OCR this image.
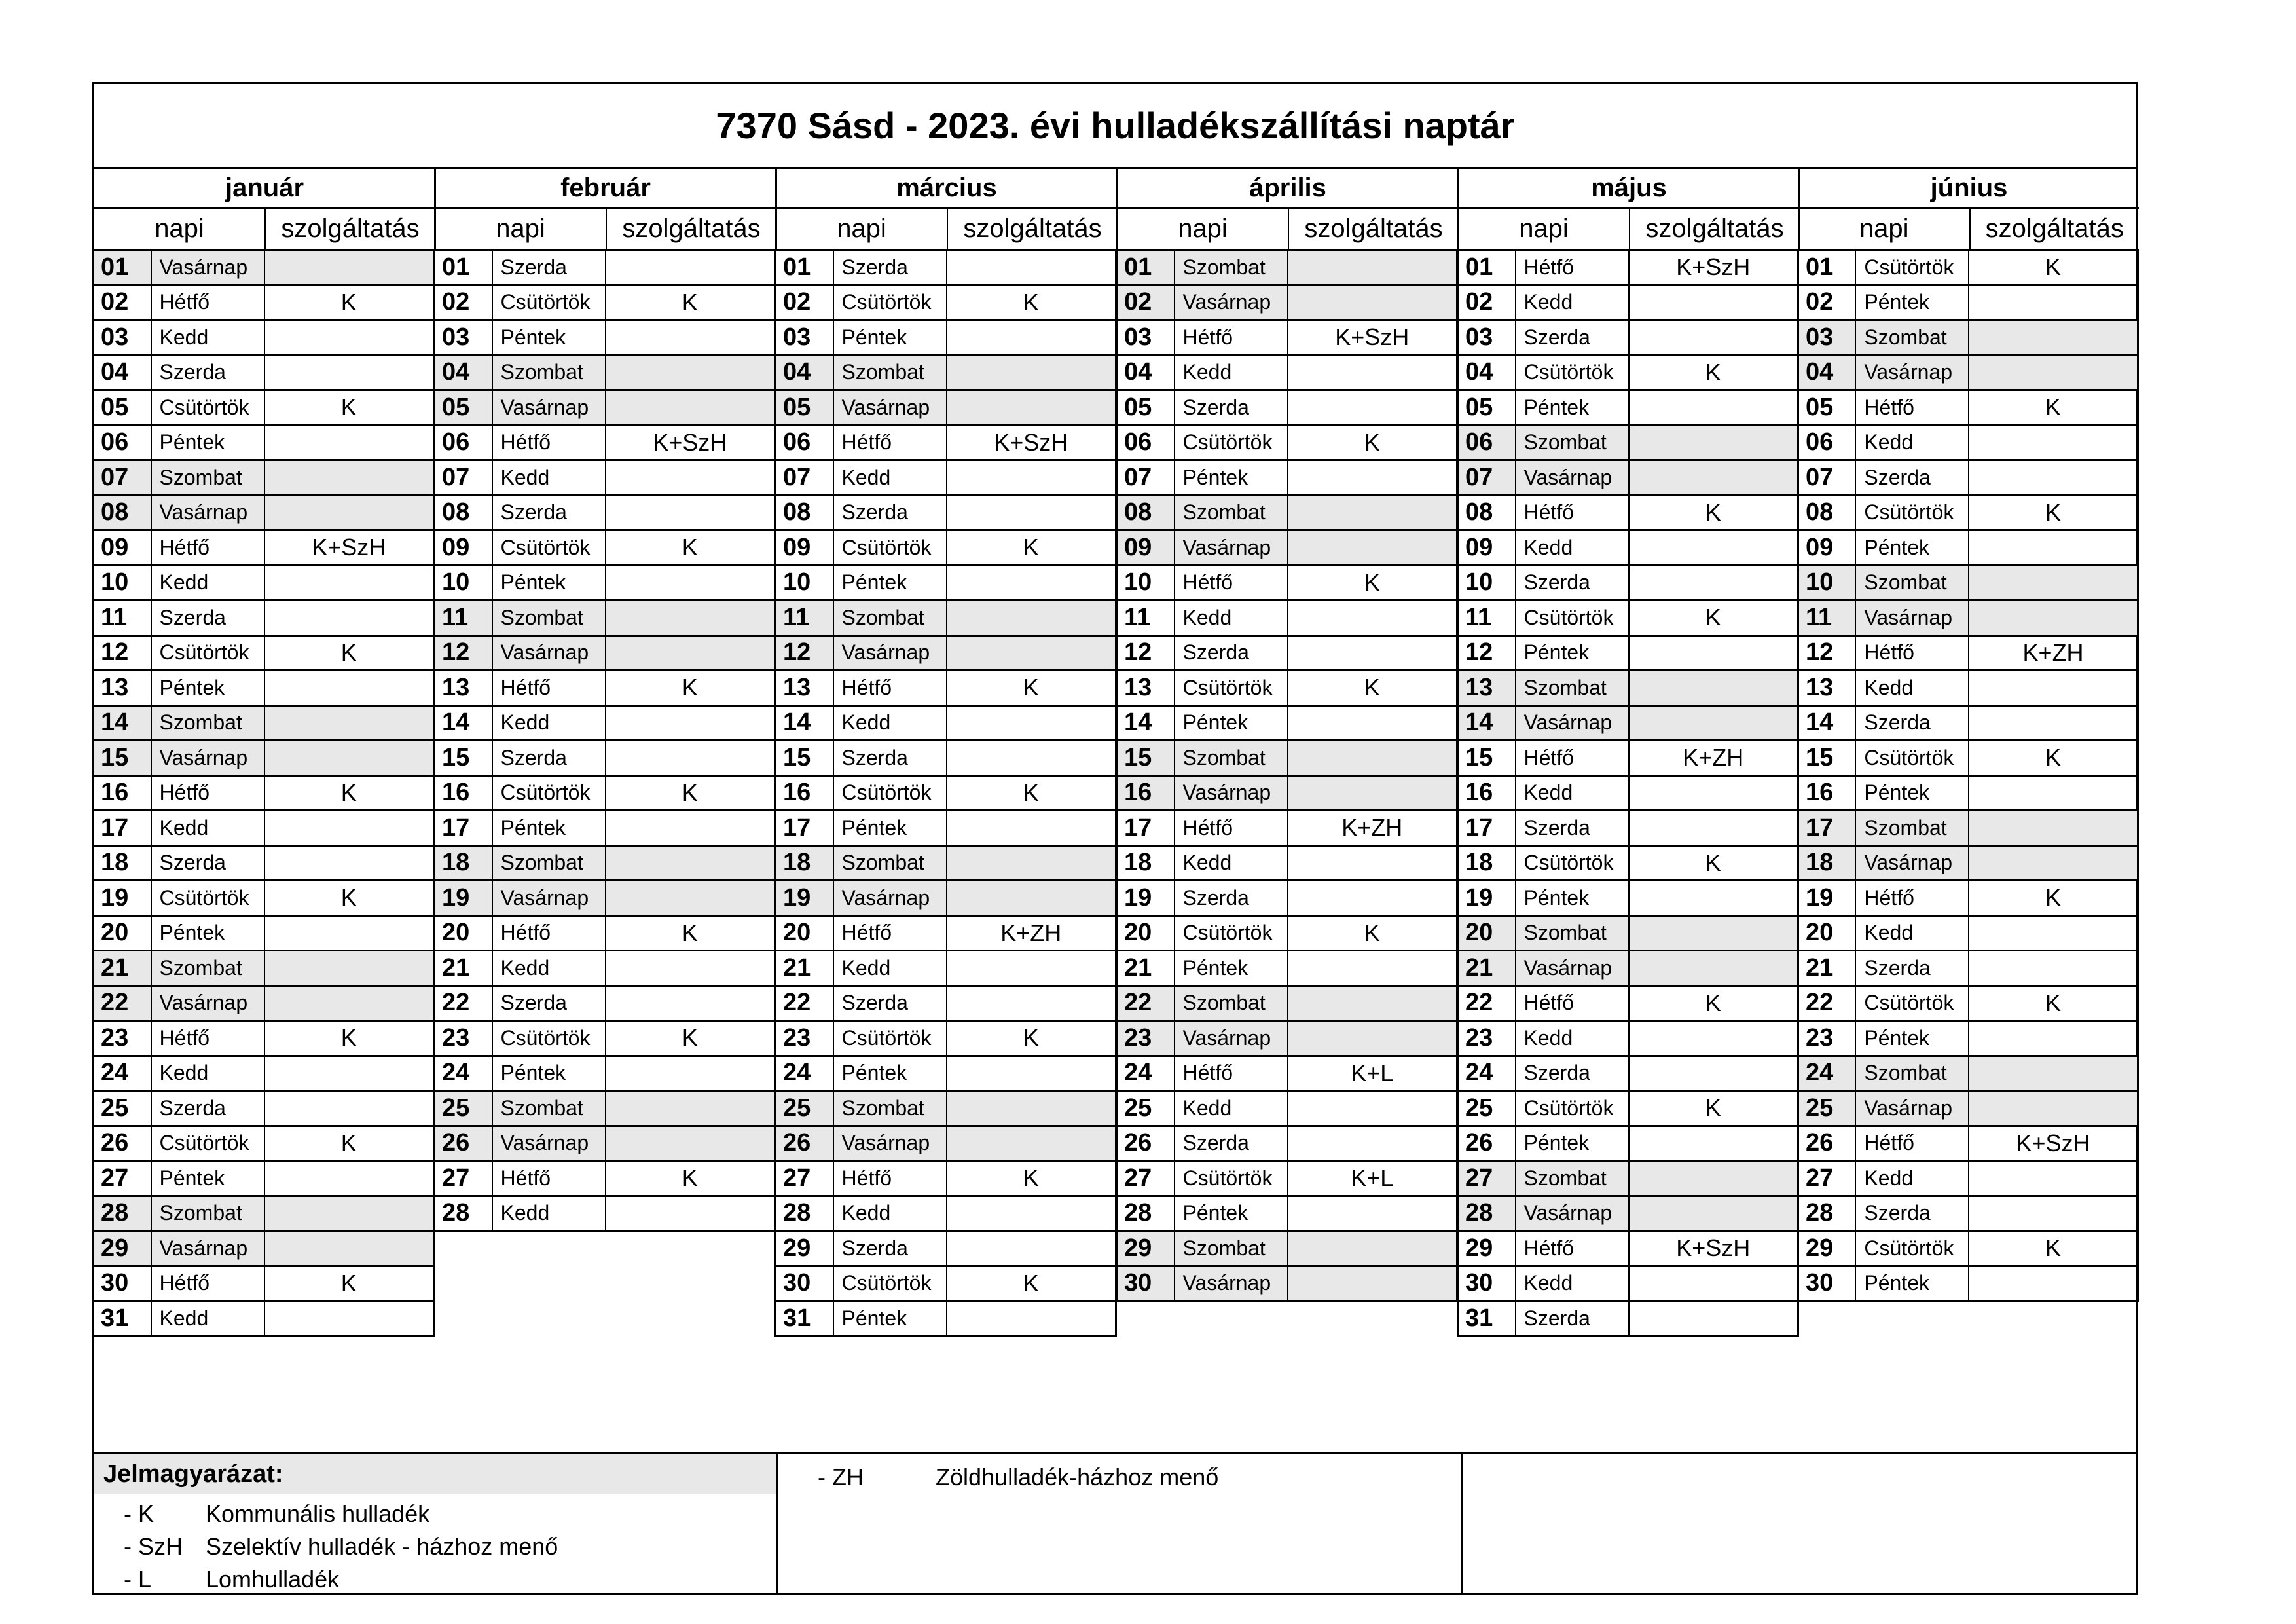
7370 Sásd - 2023. évi hulladékszállítási naptár
január
napi	szolgáltatás
01	Vasárnap
02	Hétfő	K
03	Kedd
04	Szerda
05	Csütörtök	K
06	Péntek
07	Szombat
08	Vasárnap
09	Hétfő	K+SzH
10	Kedd
11	Szerda
12	Csütörtök	K
13	Péntek
14	Szombat
15	Vasárnap
16	Hétfő	K
17	Kedd
18	Szerda
19	Csütörtök	K
20	Péntek
21	Szombat
22	Vasárnap
23	Hétfő	K
24	Kedd
25	Szerda
26	Csütörtök	K
27	Péntek
28	Szombat
29	Vasárnap
30	Hétfő	K
31	Kedd
február
napi	szolgáltatás
01	Szerda
02	Csütörtök	K
03	Péntek
04	Szombat
05	Vasárnap
06	Hétfő	K+SzH
07	Kedd
08	Szerda
09	Csütörtök	K
10	Péntek
11	Szombat
12	Vasárnap
13	Hétfő	K
14	Kedd
15	Szerda
16	Csütörtök	K
17	Péntek
18	Szombat
19	Vasárnap
20	Hétfő	K
21	Kedd
22	Szerda
23	Csütörtök	K
24	Péntek
25	Szombat
26	Vasárnap
27	Hétfő	K
28	Kedd
március
napi	szolgáltatás
01	Szerda
02	Csütörtök	K
03	Péntek
04	Szombat
05	Vasárnap
06	Hétfő	K+SzH
07	Kedd
08	Szerda
09	Csütörtök	K
10	Péntek
11	Szombat
12	Vasárnap
13	Hétfő	K
14	Kedd
15	Szerda
16	Csütörtök	K
17	Péntek
18	Szombat
19	Vasárnap
20	Hétfő	K+ZH
21	Kedd
22	Szerda
23	Csütörtök	K
24	Péntek
25	Szombat
26	Vasárnap
27	Hétfő	K
28	Kedd
29	Szerda
30	Csütörtök	K
31	Péntek
április
napi	szolgáltatás
01	Szombat
02	Vasárnap
03	Hétfő	K+SzH
04	Kedd
05	Szerda
06	Csütörtök	K
07	Péntek
08	Szombat
09	Vasárnap
10	Hétfő	K
11	Kedd
12	Szerda
13	Csütörtök	K
14	Péntek
15	Szombat
16	Vasárnap
17	Hétfő	K+ZH
18	Kedd
19	Szerda
20	Csütörtök	K
21	Péntek
22	Szombat
23	Vasárnap
24	Hétfő	K+L
25	Kedd
26	Szerda
27	Csütörtök	K+L
28	Péntek
29	Szombat
30	Vasárnap
május
napi	szolgáltatás
01	Hétfő	K+SzH
02	Kedd
03	Szerda
04	Csütörtök	K
05	Péntek
06	Szombat
07	Vasárnap
08	Hétfő	K
09	Kedd
10	Szerda
11	Csütörtök	K
12	Péntek
13	Szombat
14	Vasárnap
15	Hétfő	K+ZH
16	Kedd
17	Szerda
18	Csütörtök	K
19	Péntek
20	Szombat
21	Vasárnap
22	Hétfő	K
23	Kedd
24	Szerda
25	Csütörtök	K
26	Péntek
27	Szombat
28	Vasárnap
29	Hétfő	K+SzH
30	Kedd
31	Szerda
június
napi	szolgáltatás
01	Csütörtök	K
02	Péntek
03	Szombat
04	Vasárnap
05	Hétfő	K
06	Kedd
07	Szerda
08	Csütörtök	K
09	Péntek
10	Szombat
11	Vasárnap
12	Hétfő	K+ZH
13	Kedd
14	Szerda
15	Csütörtök	K
16	Péntek
17	Szombat
18	Vasárnap
19	Hétfő	K
20	Kedd
21	Szerda
22	Csütörtök	K
23	Péntek
24	Szombat
25	Vasárnap
26	Hétfő	K+SzH
27	Kedd
28	Szerda
29	Csütörtök	K
30	Péntek
Jelmagyarázat:
- K	Kommunális hulladék
- SzH Szelektív hulladék - házhoz menő
- L	Lomhulladék
- ZH	Zöldhulladék-házhoz menő
